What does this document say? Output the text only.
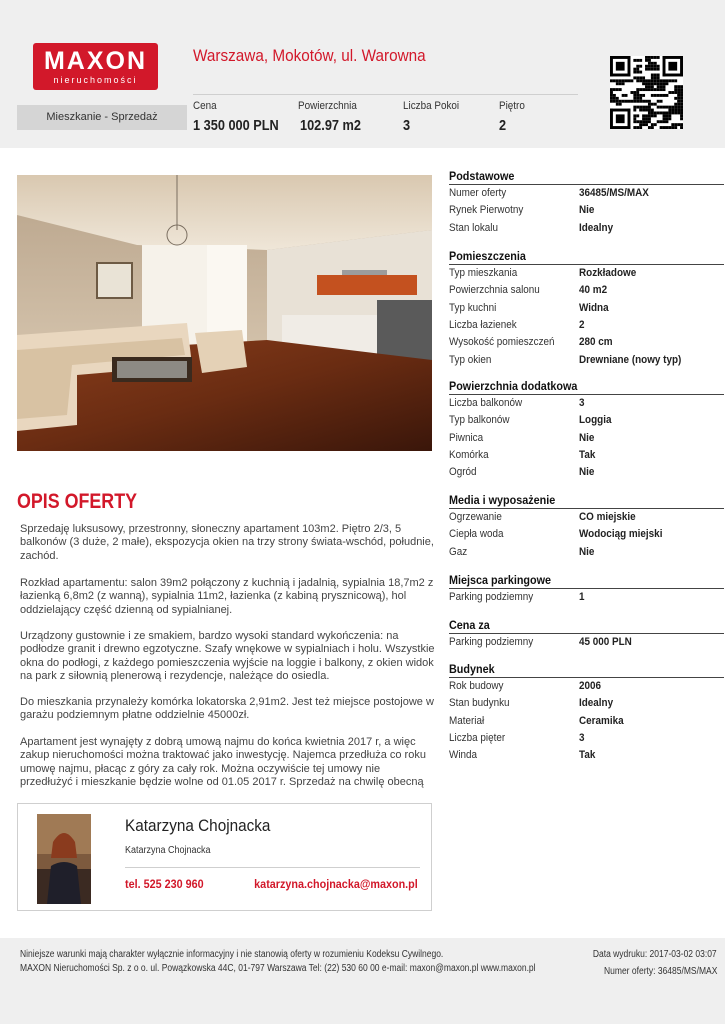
MAXON
nieruchomości
Warszawa, Mokotów, ul. Warowna
Mieszkanie - Sprzedaż
Cena
1 350 000 PLN
Powierzchnia
102.97 m2
Liczba Pokoi
3
Piętro
2
Podstawowe
Numer oferty	36485/MS/MAX
Rynek Pierwotny	Nie
Stan lokalu	Idealny
Pomieszczenia
Typ mieszkania	Rozkładowe
Powierzchnia salonu	40 m2
Typ kuchni	Widna
Liczba łazienek	2
Wysokość pomieszczeń 280 cm
Typ okien	Drewniane (nowy typ)
Powierzchnia dodatkowa
Liczba balkonów	3
Typ balkonów	Loggia
Piwnica	Nie
Komórka	Tak
Ogród	Nie
Media i wyposażenie
Ogrzewanie	CO miejskie
Ciepła woda	Wodociąg miejski
Gaz	Nie
Miejsca parkingowe
Parking podziemny	1
Cena za
Parking podziemny	45 000 PLN
Budynek
Rok budowy	2006
Stan budynku	Idealny
Materiał	Ceramika
Liczba pięter	3
Winda	Tak
OPIS OFERTY
Sprzedaję luksusowy, przestronny, słoneczny apartament 103m2. Piętro 2/3, 5 balkonów (3 duże, 2 małe), ekspozycja okien na trzy strony świata-wschód, południe, zachód.
Rozkład apartamentu: salon 39m2 połączony z kuchnią i jadalnią, sypialnia 18,7m2 z łazienką 6,8m2 (z wanną), sypialnia 11m2, łazienka (z kabiną prysznicową), hol oddzielający część dzienną od sypialnianej.
Urządzony gustownie i ze smakiem, bardzo wysoki standard wykończenia: na podłodze granit i drewno egzotyczne. Szafy wnękowe w sypialniach i holu. Wszystkie okna do podłogi, z każdego pomieszczenia wyjście na loggie i balkony, z okien widok na park z siłownią plenerową i rezydencje, należące do osiedla.
Do mieszkania przynależy komórka lokatorska 2,91m2. Jest też miejsce postojowe w garażu podziemnym płatne oddzielnie 45000zł.
Apartament jest wynajęty z dobrą umową najmu do końca kwietnia 2017 r, a więc zakup nieruchomości można traktować jako inwestycję. Najemca przedłuża co roku umowę najmu, płacąc z góry za cały rok. Można oczywiście tej umowy nie przedłużyć i mieszkanie będzie wolne od 01.05 2017 r. Sprzedaż na chwilę obecną
Katarzyna Chojnacka
Katarzyna Chojnacka
tel. 525 230 960	katarzyna.chojnacka@maxon.pl
Niniejsze warunki mają charakter wyłącznie informacyjny i nie stanowią oferty w rozumieniu Kodeksu Cywilnego.
MAXON Nieruchomości Sp. z o o. ul. Powązkowska 44C, 01-797 Warszawa Tel: (22) 530 60 00 e-mail: maxon@maxon.pl www.maxon.pl
Data wydruku: 2017-03-02 03:07
Numer oferty: 36485/MS/MAX
